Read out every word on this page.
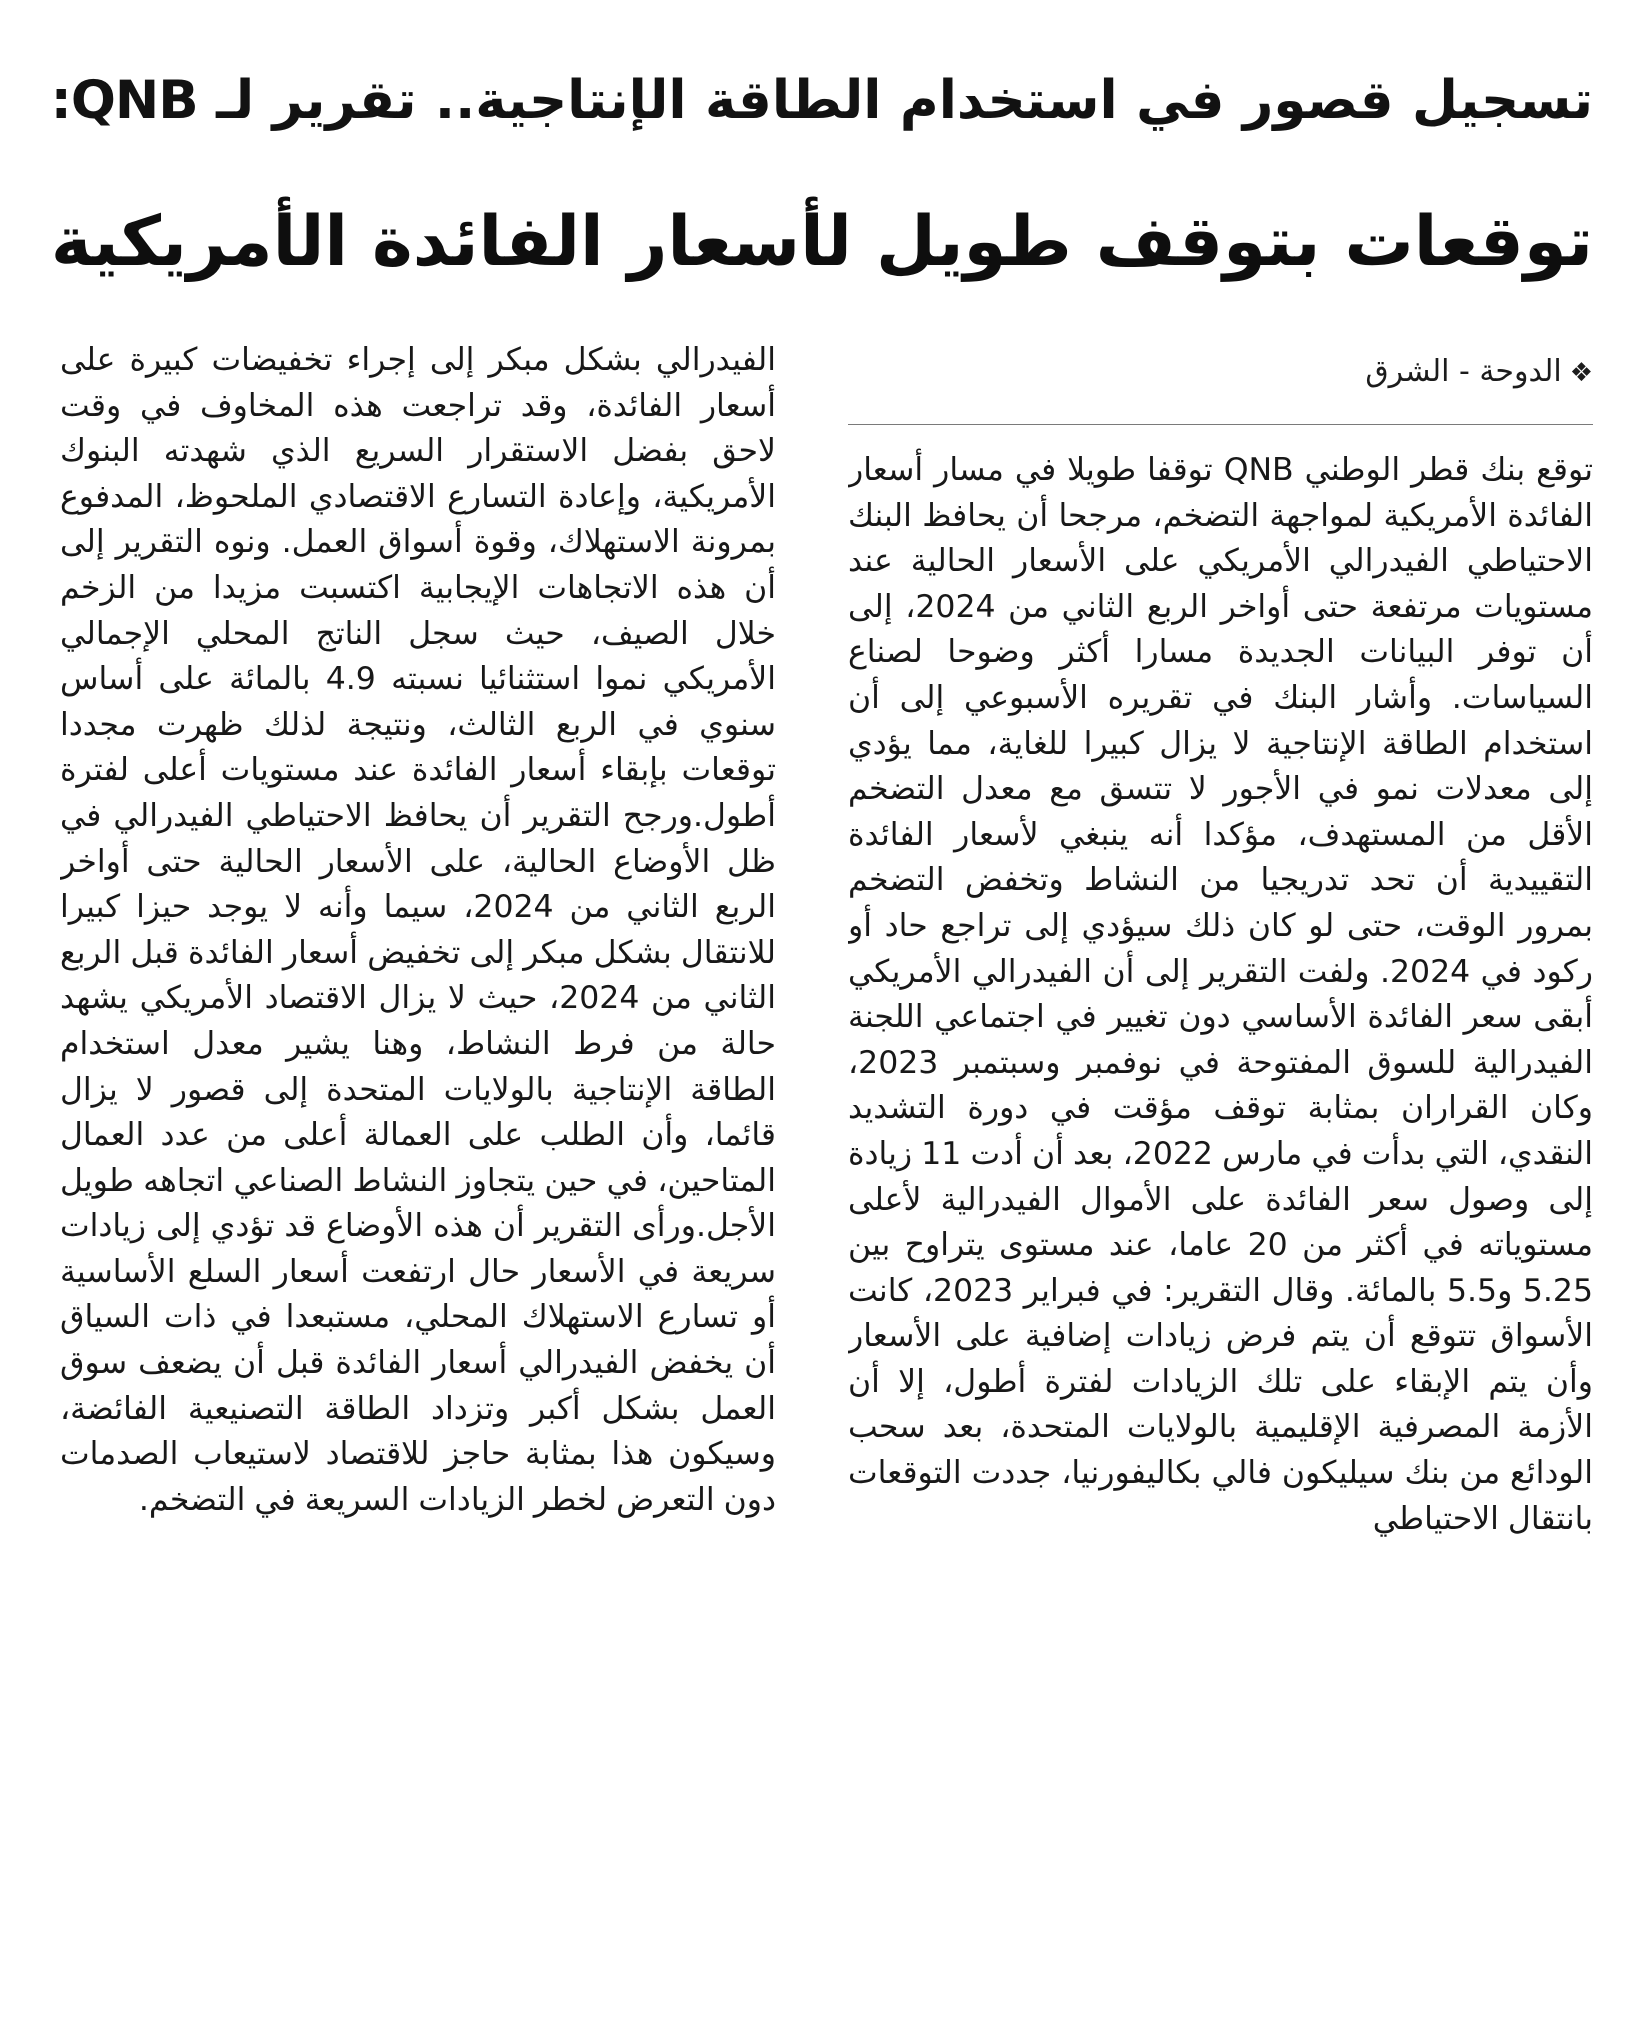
تسجيل قصور في استخدام الطاقة الإنتاجية.. تقرير لـ QNB:
توقعات بتوقف طويل لأسعار الفائدة الأمريكية
❖الدوحة - الشرق
توقع بنك قطر الوطني QNB توقفا طويلا في مسار أسعار الفائدة الأمريكية لمواجهة التضخم، مرجحا أن يحافظ البنك الاحتياطي الفيدرالي الأمريكي على الأسعار الحالية عند مستويات مرتفعة حتى أواخر الربع الثاني من 2024، إلى أن توفر البيانات الجديدة مسارا أكثر وضوحا لصناع السياسات. وأشار البنك في تقريره الأسبوعي إلى أن استخدام الطاقة الإنتاجية لا يزال كبيرا للغاية، مما يؤدي إلى معدلات نمو في الأجور لا تتسق مع معدل التضخم الأقل من المستهدف، مؤكدا أنه ينبغي لأسعار الفائدة التقييدية أن تحد تدريجيا من النشاط وتخفض التضخم بمرور الوقت، حتى لو كان ذلك سيؤدي إلى تراجع حاد أو ركود في 2024. ولفت التقرير إلى أن الفيدرالي الأمريكي أبقى سعر الفائدة الأساسي دون تغيير في اجتماعي اللجنة الفيدرالية للسوق المفتوحة في نوفمبر وسبتمبر 2023، وكان القراران بمثابة توقف مؤقت في دورة التشديد النقدي، التي بدأت في مارس 2022، بعد أن أدت 11 زيادة إلى وصول سعر الفائدة على الأموال الفيدرالية لأعلى مستوياته في أكثر من 20 عاما، عند مستوى يتراوح بين 5.25 و5.5 بالمائة. وقال التقرير: في فبراير 2023، كانت الأسواق تتوقع أن يتم فرض زيادات إضافية على الأسعار وأن يتم الإبقاء على تلك الزيادات لفترة أطول، إلا أن الأزمة المصرفية الإقليمية بالولايات المتحدة، بعد سحب الودائع من بنك سيليكون فالي بكاليفورنيا، جددت التوقعات بانتقال الاحتياطي
الفيدرالي بشكل مبكر إلى إجراء تخفيضات كبيرة على أسعار الفائدة، وقد تراجعت هذه المخاوف في وقت لاحق بفضل الاستقرار السريع الذي شهدته البنوك الأمريكية، وإعادة التسارع الاقتصادي الملحوظ، المدفوع بمرونة الاستهلاك، وقوة أسواق العمل. ونوه التقرير إلى أن هذه الاتجاهات الإيجابية اكتسبت مزيدا من الزخم خلال الصيف، حيث سجل الناتج المحلي الإجمالي الأمريكي نموا استثنائيا نسبته 4.9 بالمائة على أساس سنوي في الربع الثالث، ونتيجة لذلك ظهرت مجددا توقعات بإبقاء أسعار الفائدة عند مستويات أعلى لفترة أطول.ورجح التقرير أن يحافظ الاحتياطي الفيدرالي في ظل الأوضاع الحالية، على الأسعار الحالية حتى أواخر الربع الثاني من 2024، سيما وأنه لا يوجد حيزا كبيرا للانتقال بشكل مبكر إلى تخفيض أسعار الفائدة قبل الربع الثاني من 2024، حيث لا يزال الاقتصاد الأمريكي يشهد حالة من فرط النشاط، وهنا يشير معدل استخدام الطاقة الإنتاجية بالولايات المتحدة إلى قصور لا يزال قائما، وأن الطلب على العمالة أعلى من عدد العمال المتاحين، في حين يتجاوز النشاط الصناعي اتجاهه طويل الأجل.ورأى التقرير أن هذه الأوضاع قد تؤدي إلى زيادات سريعة في الأسعار حال ارتفعت أسعار السلع الأساسية أو تسارع الاستهلاك المحلي، مستبعدا في ذات السياق أن يخفض الفيدرالي أسعار الفائدة قبل أن يضعف سوق العمل بشكل أكبر وتزداد الطاقة التصنيعية الفائضة، وسيكون هذا بمثابة حاجز للاقتصاد لاستيعاب الصدمات دون التعرض لخطر الزيادات السريعة في التضخم.
